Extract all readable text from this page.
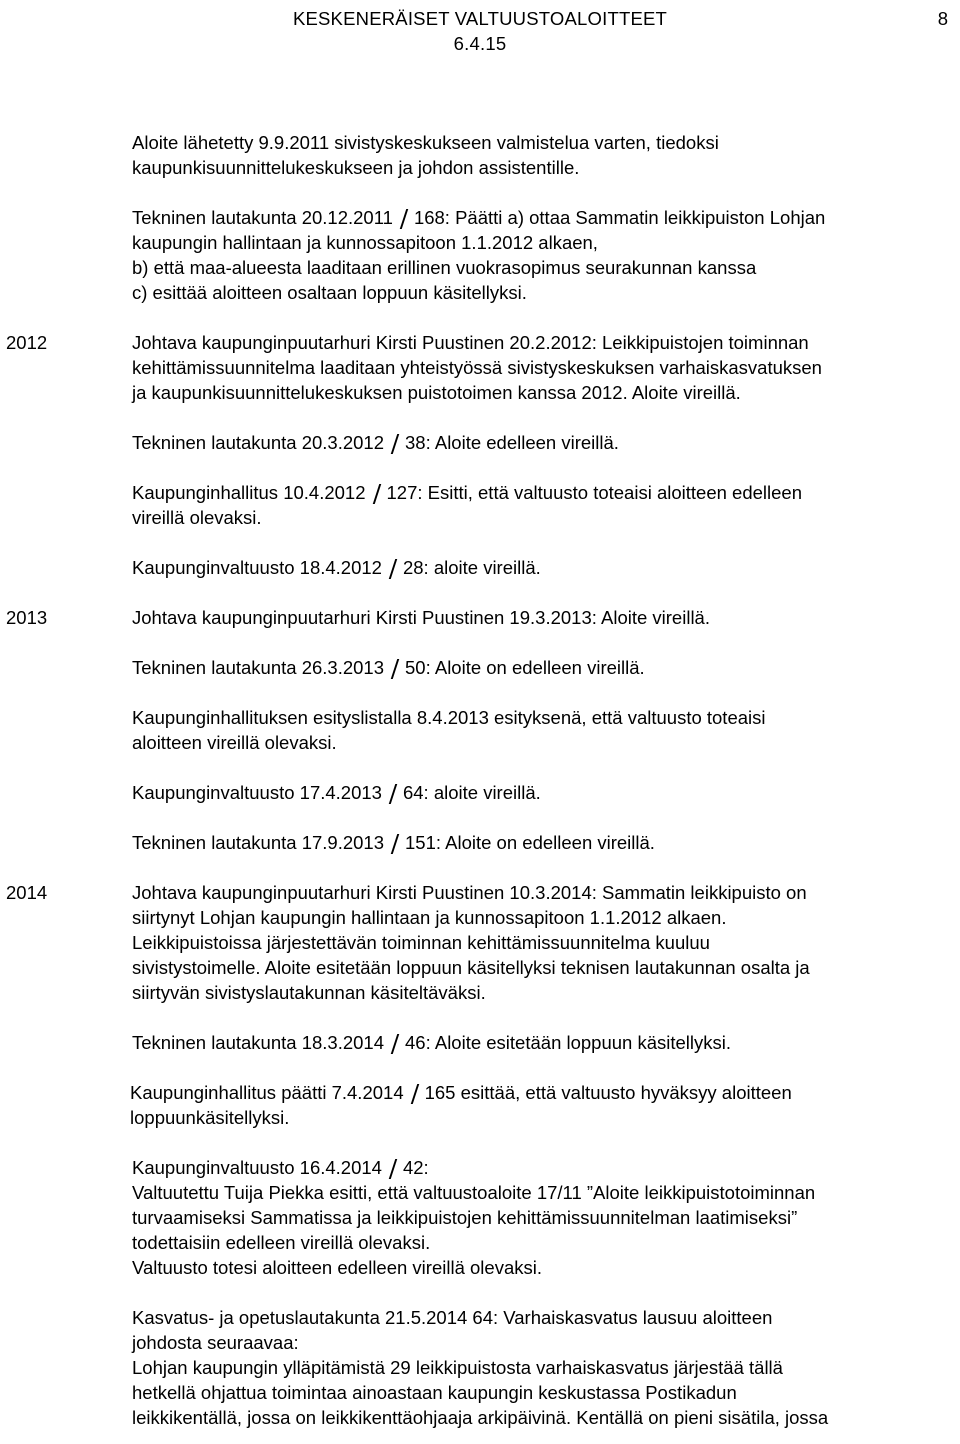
KESKENERÄISET VALTUUSTOALOITTEET
6.4.15
8
Aloite lähetetty 9.9.2011 sivistyskeskukseen valmistelua varten, tiedoksi
kaupunkisuunnittelukeskukseen ja johdon assistentille.
Tekninen lautakunta 20.12.2011 168: Päätti a) ottaa Sammatin leikkipuiston Lohjan
kaupungin hallintaan ja kunnossapitoon 1.1.2012 alkaen,
b) että maa-alueesta laaditaan erillinen vuokrasopimus seurakunnan kanssa
c) esittää aloitteen osaltaan loppuun käsitellyksi.
2012	Johtava kaupunginpuutarhuri Kirsti Puustinen 20.2.2012: Leikkipuistojen toiminnan
kehittämissuunnitelma laaditaan yhteistyössä sivistyskeskuksen varhaiskasvatuksen
ja kaupunkisuunnittelukeskuksen puistotoimen kanssa 2012. Aloite vireillä.
Tekninen lautakunta 20.3.2012 38: Aloite edelleen vireillä.
Kaupunginhallitus 10.4.2012 127: Esitti, että valtuusto toteaisi aloitteen edelleen
vireillä olevaksi.
Kaupunginvaltuusto 18.4.2012 28: aloite vireillä.
2013	Johtava kaupunginpuutarhuri Kirsti Puustinen 19.3.2013: Aloite vireillä.
Tekninen lautakunta 26.3.2013 50: Aloite on edelleen vireillä.
Kaupunginhallituksen esityslistalla 8.4.2013 esityksenä, että valtuusto toteaisi
aloitteen vireillä olevaksi.
Kaupunginvaltuusto 17.4.2013 64: aloite vireillä.
Tekninen lautakunta 17.9.2013 151: Aloite on edelleen vireillä.
2014	Johtava kaupunginpuutarhuri Kirsti Puustinen 10.3.2014: Sammatin leikkipuisto on
siirtynyt Lohjan kaupungin hallintaan ja kunnossapitoon 1.1.2012 alkaen.
Leikkipuistoissa järjestettävän toiminnan kehittämissuunnitelma kuuluu
sivistystoimelle. Aloite esitetään loppuun käsitellyksi teknisen lautakunnan osalta ja
siirtyvän sivistyslautakunnan käsiteltäväksi.
Tekninen lautakunta 18.3.2014 46: Aloite esitetään loppuun käsitellyksi.
Kaupunginhallitus päätti 7.4.2014 165 esittää, että valtuusto hyväksyy aloitteen
loppuunkäsitellyksi.
Kaupunginvaltuusto 16.4.2014 42:
Valtuutettu Tuija Piekka esitti, että valtuustoaloite 17/11 ”Aloite leikkipuistotoiminnan
turvaamiseksi Sammatissa ja leikkipuistojen kehittämissuunnitelman laatimiseksi”
todettaisiin edelleen vireillä olevaksi.
Valtuusto totesi aloitteen edelleen vireillä olevaksi.
Kasvatus- ja opetuslautakunta 21.5.2014 64: Varhaiskasvatus lausuu aloitteen
johdosta seuraavaa:
Lohjan kaupungin ylläpitämistä 29 leikkipuistosta varhaiskasvatus järjestää tällä
hetkellä ohjattua toimintaa ainoastaan kaupungin keskustassa Postikadun
leikkikentällä, jossa on leikkikenttäohjaaja arkipäivinä. Kentällä on pieni sisätila, jossa
